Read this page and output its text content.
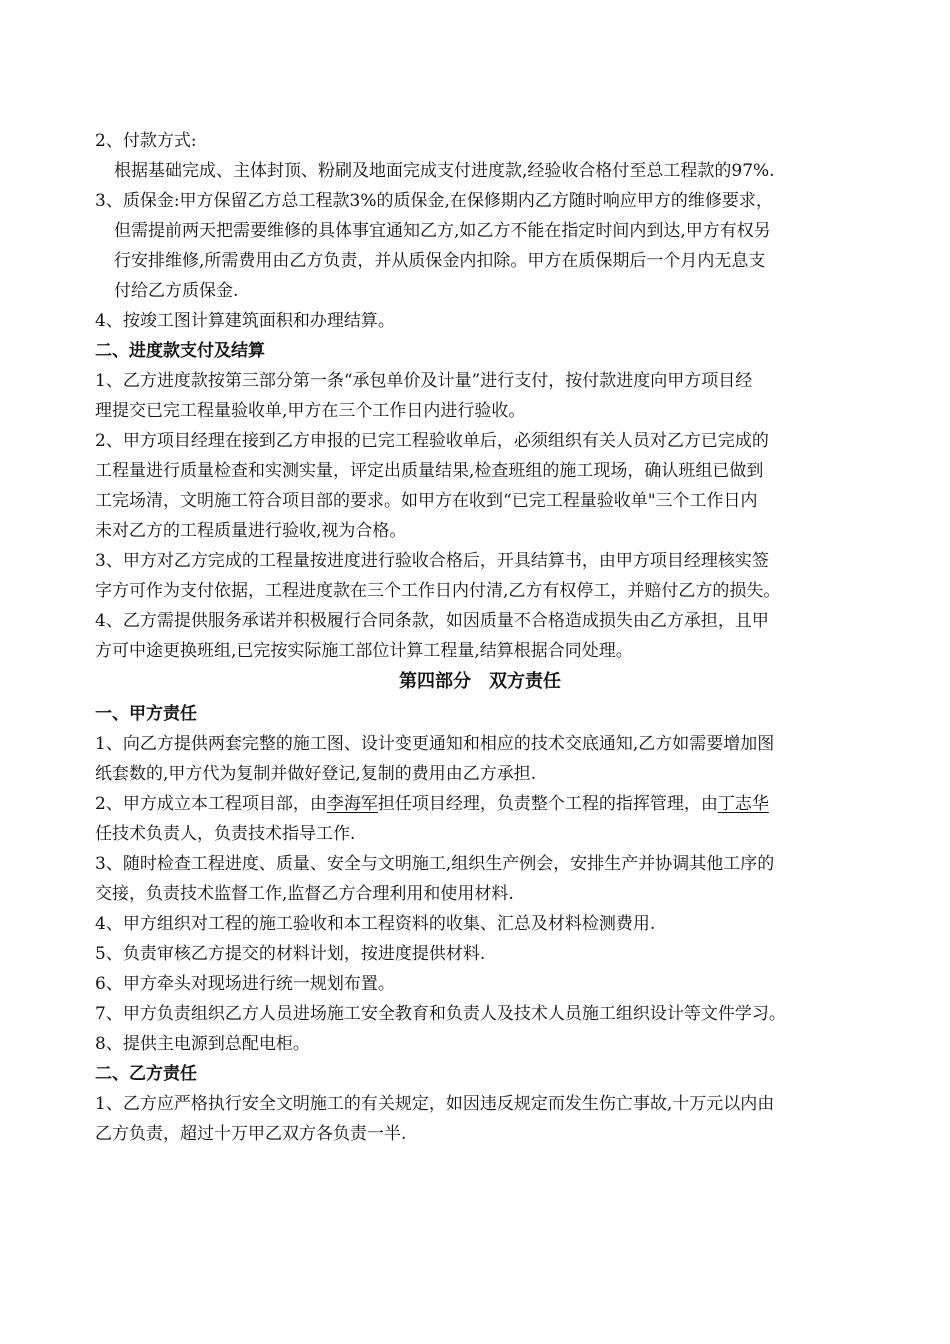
2、付款方式:
根据基础完成、主体封顶、粉刷及地面完成支付进度款,经验收合格付至总工程款的97%.
3、质保金:甲方保留乙方总工程款3%的质保金,在保修期内乙方随时响应甲方的维修要求，
但需提前两天把需要维修的具体事宜通知乙方,如乙方不能在指定时间内到达,甲方有权另
行安排维修,所需费用由乙方负责，并从质保金内扣除。甲方在质保期后一个月内无息支
付给乙方质保金.
4、按竣工图计算建筑面积和办理结算。
二、进度款支付及结算
1、乙方进度款按第三部分第一条“承包单价及计量”进行支付，按付款进度向甲方项目经
理提交已完工程量验收单,甲方在三个工作日内进行验收。
2、甲方项目经理在接到乙方申报的已完工程验收单后，必须组织有关人员对乙方已完成的
工程量进行质量检查和实测实量，评定出质量结果,检查班组的施工现场，确认班组已做到
工完场清，文明施工符合项目部的要求。如甲方在收到“已完工程量验收单"三个工作日内
未对乙方的工程质量进行验收,视为合格。
3、甲方对乙方完成的工程量按进度进行验收合格后，开具结算书，由甲方项目经理核实签
字方可作为支付依据，工程进度款在三个工作日内付清,乙方有权停工，并赔付乙方的损失。
4、乙方需提供服务承诺并积极履行合同条款，如因质量不合格造成损失由乙方承担，且甲
方可中途更换班组,已完按实际施工部位计算工程量,结算根据合同处理。
第四部分 双方责任
一、甲方责任
1、向乙方提供两套完整的施工图、设计变更通知和相应的技术交底通知,乙方如需要增加图
纸套数的,甲方代为复制并做好登记,复制的费用由乙方承担.
2、甲方成立本工程项目部，由李海军担任项目经理，负责整个工程的指挥管理，由丁志华
任技术负责人，负责技术指导工作.
3、随时检查工程进度、质量、安全与文明施工,组织生产例会，安排生产并协调其他工序的
交接，负责技术监督工作,监督乙方合理利用和使用材料.
4、甲方组织对工程的施工验收和本工程资料的收集、汇总及材料检测费用.
5、负责审核乙方提交的材料计划，按进度提供材料.
6、甲方牵头对现场进行统一规划布置。
7、甲方负责组织乙方人员进场施工安全教育和负责人及技术人员施工组织设计等文件学习。
8、提供主电源到总配电柜。
二、乙方责任
1、乙方应严格执行安全文明施工的有关规定，如因违反规定而发生伤亡事故,十万元以内由
乙方负责，超过十万甲乙双方各负责一半.
